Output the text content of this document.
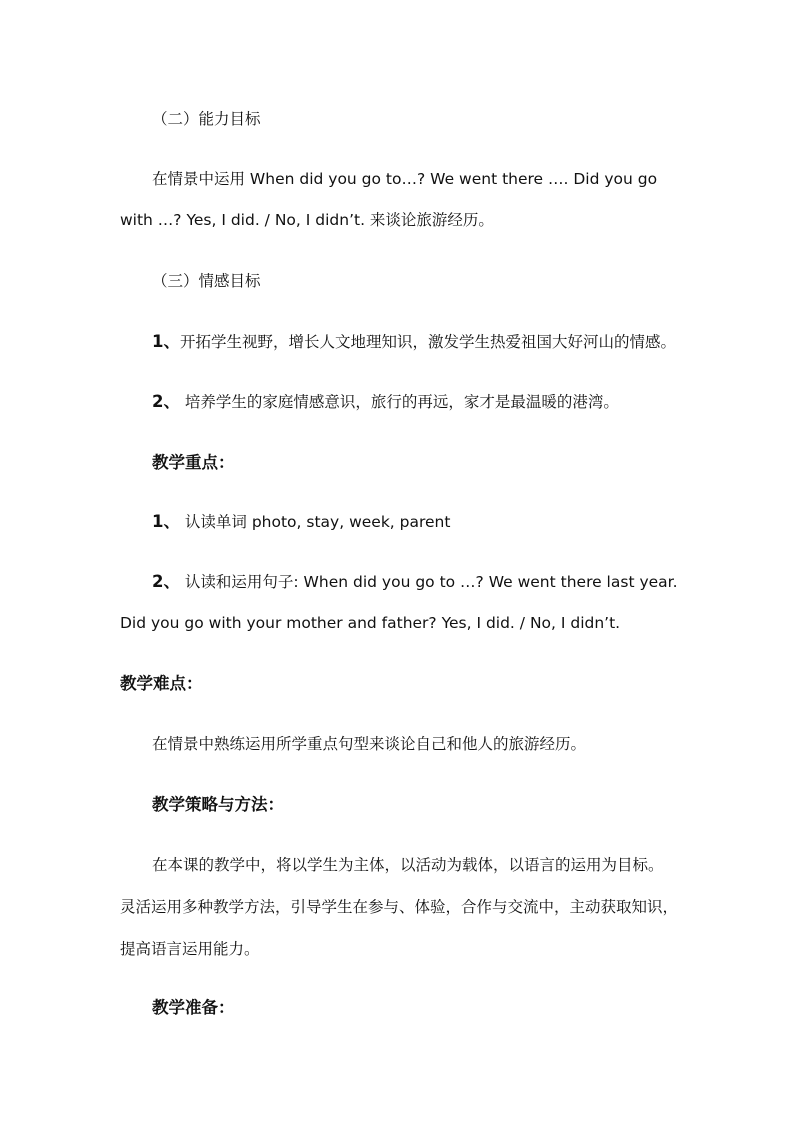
（二）能力目标
在情景中运用 When did you go to…? We went there …. Did you go
with …? Yes, I did. / No, I didn’t. 来谈论旅游经历。
（三）情感目标
1、开拓学生视野，增长人文地理知识，激发学生热爱祖国大好河山的情感。
2、 培养学生的家庭情感意识，旅行的再远，家才是最温暖的港湾。
教学重点：
1、 认读单词 photo, stay, week, parent
2、 认读和运用句子: When did you go to …? We went there last year.
Did you go with your mother and father? Yes, I did. / No, I didn’t.
教学难点：
在情景中熟练运用所学重点句型来谈论自己和他人的旅游经历。
教学策略与方法：
在本课的教学中，将以学生为主体，以活动为载体，以语言的运用为目标。
灵活运用多种教学方法，引导学生在参与、体验，合作与交流中，主动获取知识，
提高语言运用能力。
教学准备：
